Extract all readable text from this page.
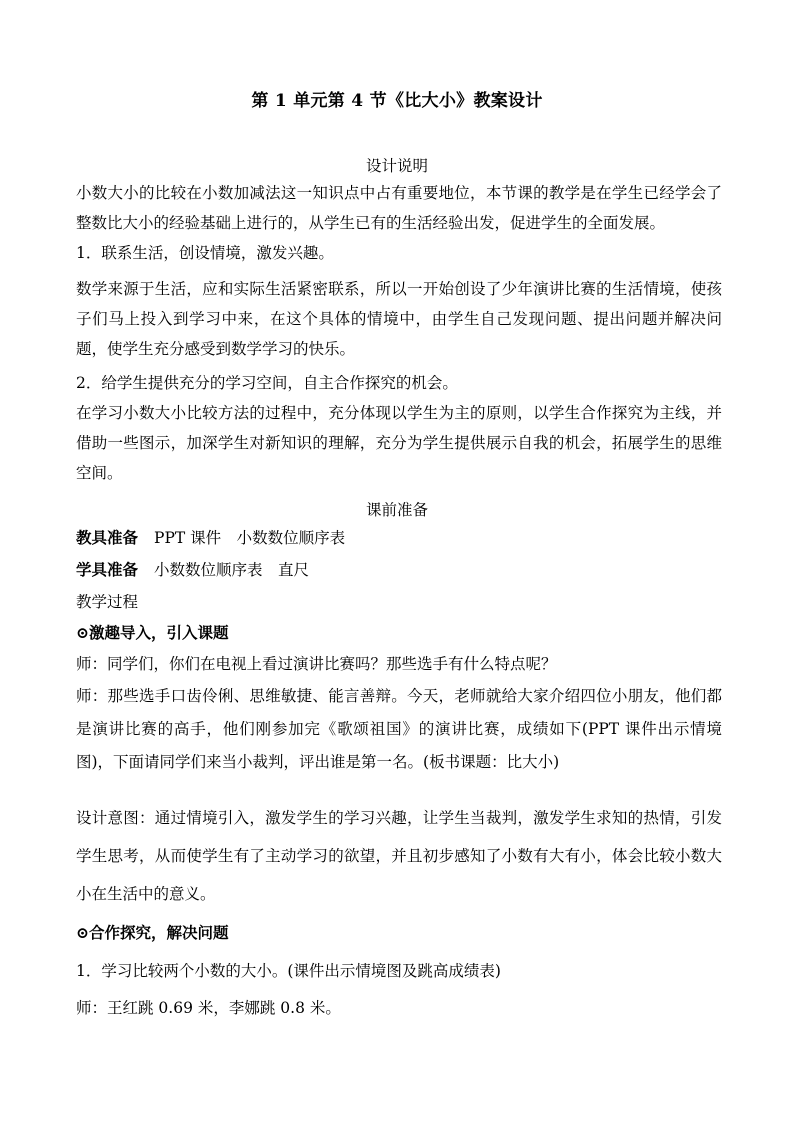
第 1 单元第 4 节《比大小》教案设计
设计说明
小数大小的比较在小数加减法这一知识点中占有重要地位，本节课的教学是在学生已经学会了整数比大小的经验基础上进行的，从学生已有的生活经验出发，促进学生的全面发展。
1．联系生活，创设情境，激发兴趣。
数学来源于生活，应和实际生活紧密联系，所以一开始创设了少年演讲比赛的生活情境，使孩子们马上投入到学习中来，在这个具体的情境中，由学生自己发现问题、提出问题并解决问题，使学生充分感受到数学学习的快乐。
2．给学生提供充分的学习空间，自主合作探究的机会。
在学习小数大小比较方法的过程中，充分体现以学生为主的原则，以学生合作探究为主线，并借助一些图示，加深学生对新知识的理解，充分为学生提供展示自我的机会，拓展学生的思维空间。
课前准备
教具准备 PPT 课件　小数数位顺序表
学具准备 小数数位顺序表　直尺
教学过程
⊙激趣导入，引入课题
师：同学们，你们在电视上看过演讲比赛吗？那些选手有什么特点呢？
师：那些选手口齿伶俐、思维敏捷、能言善辩。今天，老师就给大家介绍四位小朋友，他们都是演讲比赛的高手，他们刚参加完《歌颂祖国》的演讲比赛，成绩如下(PPT 课件出示情境图)，下面请同学们来当小裁判，评出谁是第一名。(板书课题：比大小)
设计意图：通过情境引入，激发学生的学习兴趣，让学生当裁判，激发学生求知的热情，引发学生思考，从而使学生有了主动学习的欲望，并且初步感知了小数有大有小，体会比较小数大小在生活中的意义。
⊙合作探究，解决问题
1．学习比较两个小数的大小。(课件出示情境图及跳高成绩表)
师：王红跳 0.69 米，李娜跳 0.8 米。
